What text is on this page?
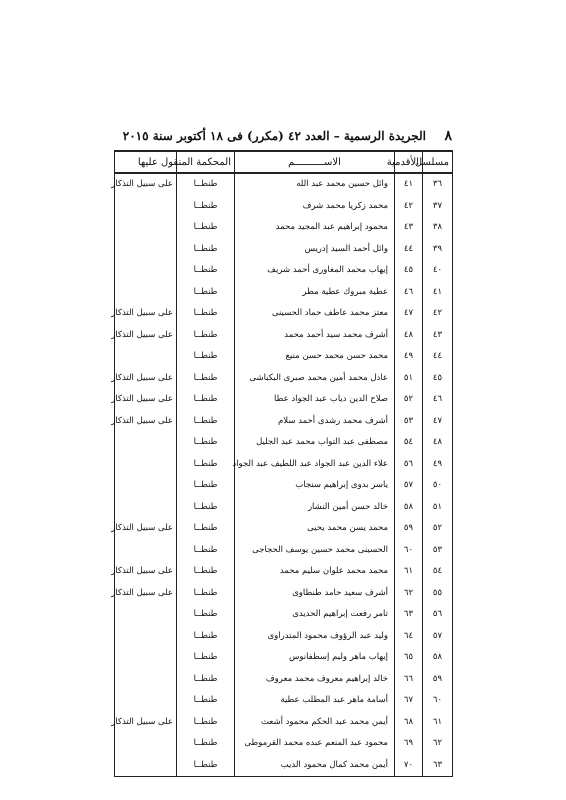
٨
الجريدة الرسمية – العدد ٤٢ (مكرر) فى ١٨ أكتوبر سنة ٢٠١٥
مسلسل	الأقدمية	الاســــــــــم	المحكمة المنقول عليها	
٣٦	٤١	وائل حسين محمد عبد الله	طنطــا	على سبيل التذكار
٣٧	٤٢	محمد زكريا محمد شرف	طنطــا	
٣٨	٤٣	محمود إبراهيم عبد المجيد محمد	طنطــا	
٣٩	٤٤	وائل أحمد السيد إدريس	طنطــا	
٤٠	٤٥	إيهاب محمد المغاورى أحمد شريف	طنطــا	
٤١	٤٦	عطية مبروك عطية مطر	طنطــا	
٤٢	٤٧	معتز محمد عاطف حماد الحسينى	طنطــا	على سبيل التذكار
٤٣	٤٨	أشرف محمد سيد أحمد محمد	طنطــا	على سبيل التذكار
٤٤	٤٩	محمد حسن محمد حسن منيع	طنطــا	
٤٥	٥١	عادل محمد أمين محمد صبرى البكباشى	طنطــا	على سبيل التذكار
٤٦	٥٢	صلاح الدين دياب عبد الجواد عطا	طنطــا	على سبيل التذكار
٤٧	٥٣	أشرف محمد رشدى أحمد سلام	طنطــا	على سبيل التذكار
٤٨	٥٤	مصطفى عبد التواب محمد عبد الجليل	طنطــا	
٤٩	٥٦	علاء الدين عبد الجواد عبد اللطيف عبد الجواد	طنطــا	
٥٠	٥٧	ياسر بدوى إبراهيم سنجاب	طنطــا	
٥١	٥٨	خالد حسن أمين النشار	طنطــا	
٥٢	٥٩	محمد يسن محمد يحيى	طنطــا	على سبيل التذكار
٥٣	٦٠	الحسينى محمد حسين يوسف الحجاجى	طنطــا	
٥٤	٦١	محمد محمد علوان سليم محمد	طنطــا	على سبيل التذكار
٥٥	٦٢	أشرف سعيد حامد طنطاوى	طنطــا	على سبيل التذكار
٥٦	٦٣	تامر رفعت إبراهيم الحديدى	طنطــا	
٥٧	٦٤	وليد عبد الرؤوف محمود المتدراوى	طنطــا	
٥٨	٦٥	إيهاب ماهر وليم إسطفانوس	طنطــا	
٥٩	٦٦	خالد إبراهيم معروف محمد معروف	طنطــا	
٦٠	٦٧	أسامة ماهر عبد المطلب عطية	طنطــا	
٦١	٦٨	أيمن محمد عبد الحكم محمود أشعث	طنطــا	على سبيل التذكار
٦٢	٦٩	محمود عبد المنعم عبده محمد القرموطى	طنطــا	
٦٣	٧٠	أيمن محمد كمال محمود الديب	طنطــا	
